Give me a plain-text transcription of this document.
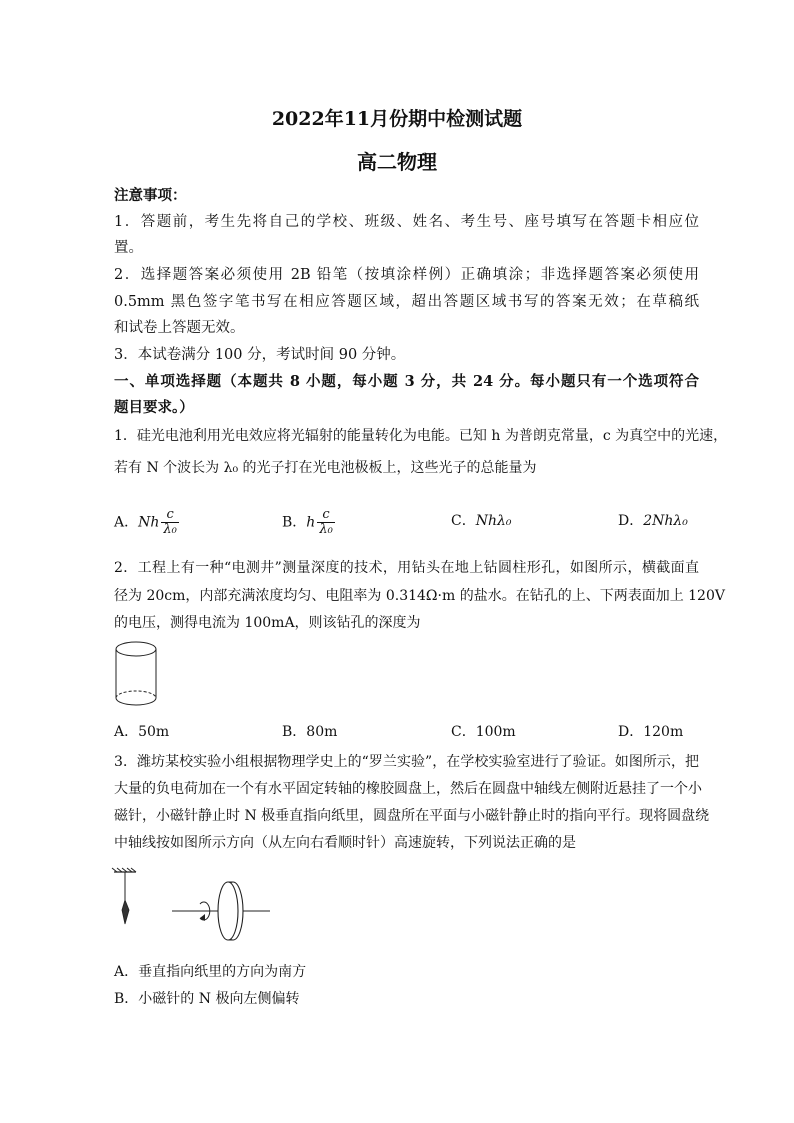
2022年11月份期中检测试题
高二物理
注意事项：
1．答题前，考生先将自己的学校、班级、姓名、考生号、座号填写在答题卡相应位
置。
2．选择题答案必须使用 2B 铅笔（按填涂样例）正确填涂；非选择题答案必须使用
0.5mm 黑色签字笔书写在相应答题区域，超出答题区域书写的答案无效；在草稿纸
和试卷上答题无效。
3．本试卷满分 100 分，考试时间 90 分钟。
一、单项选择题（本题共 8 小题，每小题 3 分，共 24 分。每小题只有一个选项符合
题目要求。）
1．硅光电池利用光电效应将光辐射的能量转化为电能。已知 h 为普朗克常量，c 为真空中的光速，
若有 N 个波长为 λ₀ 的光子打在光电池极板上，这些光子的总能量为
A．Nh $\frac{c}{\text{λ₀}}$	B．h $\frac{c}{\text{λ₀}}$	C．Nhλ₀	D．2Nhλ₀
2．工程上有一种“电测井”测量深度的技术，用钻头在地上钻圆柱形孔，如图所示，横截面直
径为 20cm，内部充满浓度均匀、电阻率为 0.314Ω·m 的盐水。在钻孔的上、下两表面加上 120V
的电压，测得电流为 100mA，则该钻孔的深度为
A．50m	B．80m	C．100m	D．120m
3．潍坊某校实验小组根据物理学史上的“罗兰实验”，在学校实验室进行了验证。如图所示，把
大量的负电荷加在一个有水平固定转轴的橡胶圆盘上，然后在圆盘中轴线左侧附近悬挂了一个小
磁针，小磁针静止时 N 极垂直指向纸里，圆盘所在平面与小磁针静止时的指向平行。现将圆盘绕
中轴线按如图所示方向（从左向右看顺时针）高速旋转，下列说法正确的是
A．垂直指向纸里的方向为南方
B．小磁针的 N 极向左侧偏转
